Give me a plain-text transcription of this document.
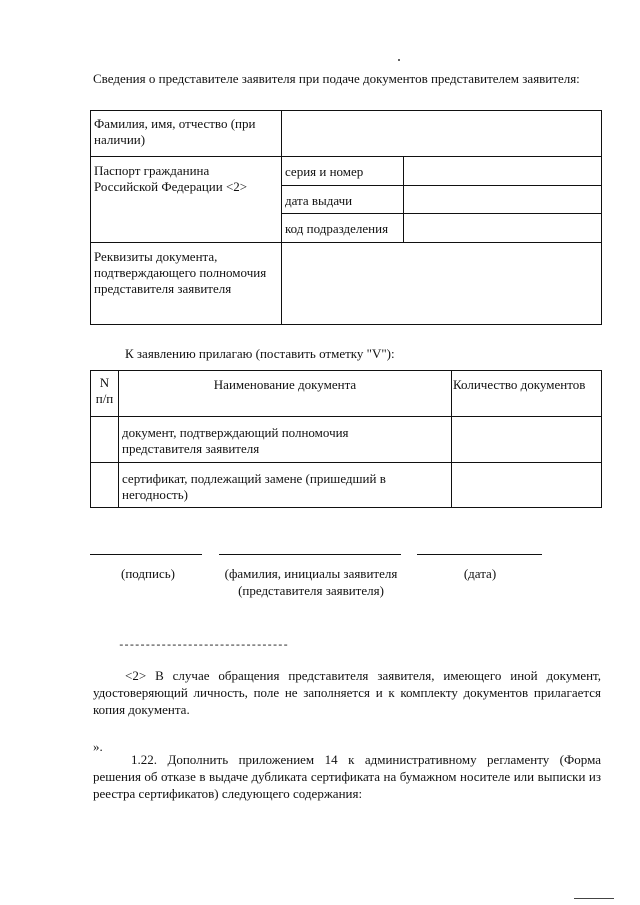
Сведения о представителе заявителя при подаче документов представителем заявителя:
Фамилия, имя, отчество (при наличии)
Паспорт гражданина Российской Федерации <2>
серия и номер
дата выдачи
код подразделения
Реквизиты документа, подтверждающего полномочия представителя заявителя
К заявлению прилагаю (поставить отметку "V"):
N п/п
Наименование документа	Количество документов
документ, подтверждающий полномочия представителя заявителя
сертификат, подлежащий замене (пришедший в негодность)
(подпись)	(фамилия, инициалы заявителя (представителя заявителя)
(дата)
--------------------------------
<2> В случае обращения представителя заявителя, имеющего иной документ, удостоверяющий личность, поле не заполняется и к комплекту документов прилагается копия документа.
».
1.22. Дополнить приложением 14 к административному регламенту (Форма решения об отказе в выдаче дубликата сертификата на бумажном носителе или выписки из реестра сертификатов) следующего содержания:
